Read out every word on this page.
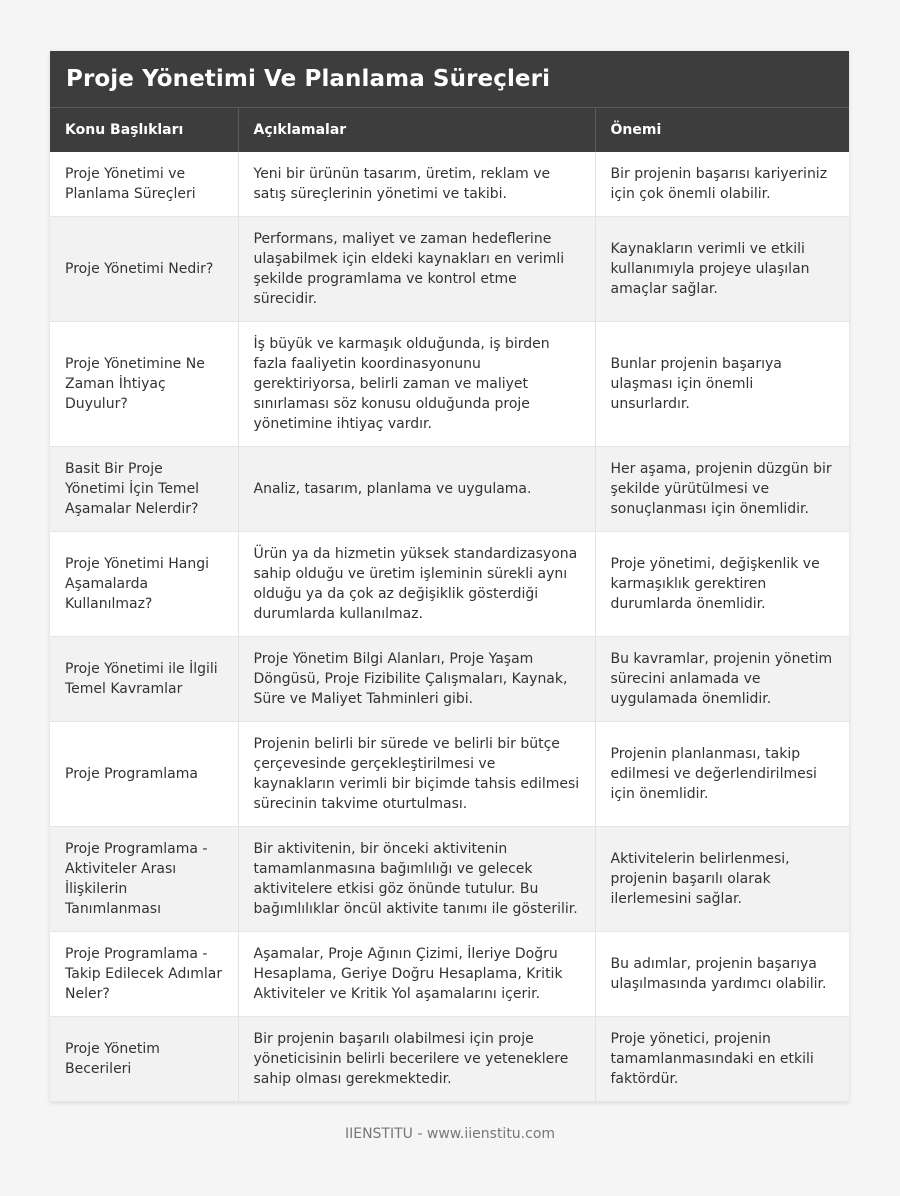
Proje Yönetimi Ve Planlama Süreçleri
Konu Başlıkları	Açıklamalar	Önemi
Proje Yönetimi ve Planlama Süreçleri	Yeni bir ürünün tasarım, üretim, reklam ve satış süreçlerinin yönetimi ve takibi.	Bir projenin başarısı kariyeriniz için çok önemli olabilir.
Proje Yönetimi Nedir?	Performans, maliyet ve zaman hedeflerine ulaşabilmek için eldeki kaynakları en verimli şekilde programlama ve kontrol etme sürecidir.	Kaynakların verimli ve etkili kullanımıyla projeye ulaşılan amaçlar sağlar.
Proje Yönetimine Ne Zaman İhtiyaç Duyulur?	İş büyük ve karmaşık olduğunda, iş birden fazla faaliyetin koordinasyonunu gerektiriyorsa, belirli zaman ve maliyet sınırlaması söz konusu olduğunda proje yönetimine ihtiyaç vardır.	Bunlar projenin başarıya ulaşması için önemli unsurlardır.
Basit Bir Proje Yönetimi İçin Temel Aşamalar Nelerdir?	Analiz, tasarım, planlama ve uygulama.	Her aşama, projenin düzgün bir şekilde yürütülmesi ve sonuçlanması için önemlidir.
Proje Yönetimi Hangi Aşamalarda Kullanılmaz?	Ürün ya da hizmetin yüksek standardizasyona sahip olduğu ve üretim işleminin sürekli aynı olduğu ya da çok az değişiklik gösterdiği durumlarda kullanılmaz.	Proje yönetimi, değişkenlik ve karmaşıklık gerektiren durumlarda önemlidir.
Proje Yönetimi ile İlgili Temel Kavramlar	Proje Yönetim Bilgi Alanları, Proje Yaşam Döngüsü, Proje Fizibilite Çalışmaları, Kaynak, Süre ve Maliyet Tahminleri gibi.	Bu kavramlar, projenin yönetim sürecini anlamada ve uygulamada önemlidir.
Proje Programlama	Projenin belirli bir sürede ve belirli bir bütçe çerçevesinde gerçekleştirilmesi ve kaynakların verimli bir biçimde tahsis edilmesi sürecinin takvime oturtulması.	Projenin planlanması, takip edilmesi ve değerlendirilmesi için önemlidir.
Proje Programlama - Aktiviteler Arası İlişkilerin Tanımlanması	Bir aktivitenin, bir önceki aktivitenin tamamlanmasına bağımlılığı ve gelecek aktivitelere etkisi göz önünde tutulur. Bu bağımlılıklar öncül aktivite tanımı ile gösterilir.	Aktivitelerin belirlenmesi, projenin başarılı olarak ilerlemesini sağlar.
Proje Programlama - Takip Edilecek Adımlar Neler?	Aşamalar, Proje Ağının Çizimi, İleriye Doğru Hesaplama, Geriye Doğru Hesaplama, Kritik Aktiviteler ve Kritik Yol aşamalarını içerir.	Bu adımlar, projenin başarıya ulaşılmasında yardımcı olabilir.
Proje Yönetim Becerileri	Bir projenin başarılı olabilmesi için proje yöneticisinin belirli becerilere ve yeteneklere sahip olması gerekmektedir.	Proje yönetici, projenin tamamlanmasındaki en etkili faktördür.
IIENSTITU - www.iienstitu.com
